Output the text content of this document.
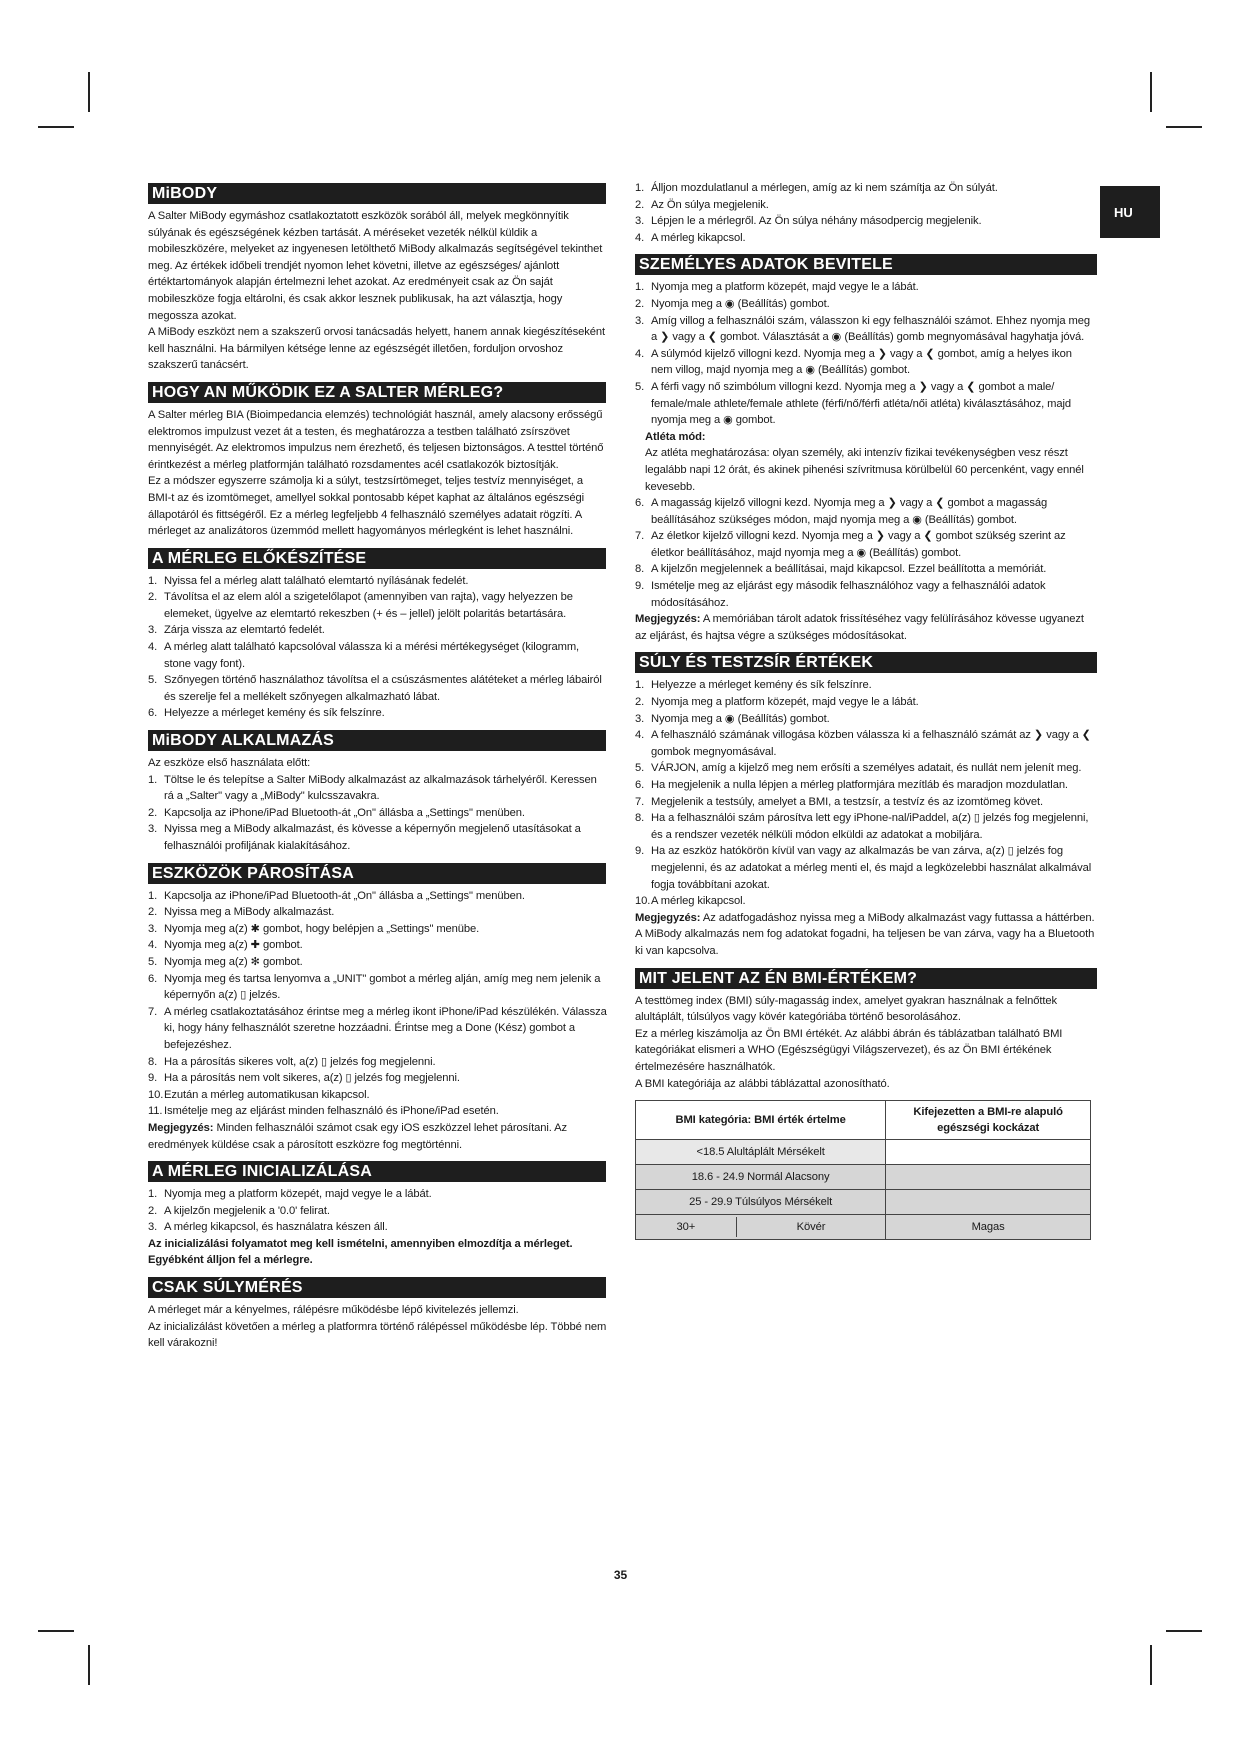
HU
MiBODY

A Salter MiBody egymáshoz csatlakoztatott eszközök sorából áll, melyek megkönnyítik súlyának és egészségének kézben tartását. A méréseket vezeték nélkül küldik a mobileszközére, melyeket az ingyenesen letölthető MiBody alkalmazás segítségével tekinthet meg. Az értékek időbeli trendjét nyomon lehet követni, illetve az egészséges/ ajánlott értéktartományok alapján értelmezni lehet azokat. Az eredményeit csak az Ön saját mobileszköze fogja eltárolni, és csak akkor lesznek publikusak, ha azt választja, hogy megossza azokat.

A MiBody eszközt nem a szakszerű orvosi tanácsadás helyett, hanem annak kiegészítéseként kell használni. Ha bármilyen kétsége lenne az egészségét illetően, forduljon orvoshoz szakszerű tanácsért.

HOGY AN MŰKÖDIK EZ A SALTER MÉRLEG?

A Salter mérleg BIA (Bioimpedancia elemzés) technológiát használ, amely alacsony erősségű elektromos impulzust vezet át a testen, és meghatározza a testben található zsírszövet mennyiségét. Az elektromos impulzus nem érezhető, és teljesen biztonságos. A testtel történő érintkezést a mérleg platformján található rozsdamentes acél csatlakozók biztosítják.

Ez a módszer egyszerre számolja ki a súlyt, testzsírtömeget, teljes testvíz mennyiséget, a BMI-t az és izomtömeget, amellyel sokkal pontosabb képet kaphat az általános egészségi állapotáról és fittségéről. Ez a mérleg legfeljebb 4 felhasználó személyes adatait rögzíti. A mérleget az analizátoros üzemmód mellett hagyományos mérlegként is lehet használni.

A MÉRLEG ELŐKÉSZÍTÉSE
1. Nyissa fel a mérleg alatt található elemtartó nyílásának fedelét.
2. Távolítsa el az elem alól a szigetelőlapot (amennyiben van rajta), vagy helyezzen be elemeket, ügyelve az elemtartó rekeszben (+ és – jellel) jelölt polaritás betartására.
3. Zárja vissza az elemtartó fedelét.
4. A mérleg alatt található kapcsolóval válassza ki a mérési mértékegységet (kilogramm, stone vagy font).
5. Szőnyegen történő használathoz távolítsa el a csúszásmentes alátéteket a mérleg lábairól és szerelje fel a mellékelt szőnyegen alkalmazható lábat.
6. Helyezze a mérleget kemény és sík felszínre.
MiBODY ALKALMAZÁS

Az eszköze első használata előtt:

1. Töltse le és telepítse a Salter MiBody alkalmazást az alkalmazások tárhelyéről. Keressen rá a „Salter" vagy a „MiBody" kulcsszavakra.
2. Kapcsolja az iPhone/iPad Bluetooth-át „On" állásba a „Settings" menüben.
3. Nyissa meg a MiBody alkalmazást, és kövesse a képernyőn megjelenő utasításokat a felhasználói profiljának kialakításához.
ESZKÖZÖK PÁROSÍTÁSA
1. Kapcsolja az iPhone/iPad Bluetooth-át „On" állásba a „Settings" menüben.
2. Nyissa meg a MiBody alkalmazást.
3. Nyomja meg a(z) ✱ gombot, hogy belépjen a „Settings" menübe.
4. Nyomja meg a(z) ✚ gombot.
5. Nyomja meg a(z) ✻ gombot.
6. Nyomja meg és tartsa lenyomva a „UNIT" gombot a mérleg alján, amíg meg nem jelenik a képernyőn a(z) ▯ jelzés.
7. A mérleg csatlakoztatásához érintse meg a mérleg ikont iPhone/iPad készülékén. Válassza ki, hogy hány felhasználót szeretne hozzáadni. Érintse meg a Done (Kész) gombot a befejezéshez.
8. Ha a párosítás sikeres volt, a(z) ▯ jelzés fog megjelenni.
9. Ha a párosítás nem volt sikeres, a(z) ▯ jelzés fog megjelenni.
10. Ezután a mérleg automatikusan kikapcsol.
11. Ismételje meg az eljárást minden felhasználó és iPhone/iPad esetén.

Megjegyzés: Minden felhasználói számot csak egy iOS eszközzel lehet párosítani. Az eredmények küldése csak a párosított eszközre fog megtörténni.

A MÉRLEG INICIALIZÁLÁSA
1. Nyomja meg a platform közepét, majd vegye le a lábát.
2. A kijelzőn megjelenik a '0.0' felirat.
3. A mérleg kikapcsol, és használatra készen áll.

Az inicializálási folyamatot meg kell ismételni, amennyiben elmozdítja a mérleget. Egyébként álljon fel a mérlegre.

CSAK SÚLYMÉRÉS

A mérleget már a kényelmes, rálépésre működésbe lépő kivitelezés jellemzi.

Az inicializálást követően a mérleg a platformra történő rálépéssel működésbe lép. Többé nem kell várakozni!

1. Álljon mozdulatlanul a mérlegen, amíg az ki nem számítja az Ön súlyát.
2. Az Ön súlya megjelenik.
3. Lépjen le a mérlegről. Az Ön súlya néhány másodpercig megjelenik.
4. A mérleg kikapcsol.
SZEMÉLYES ADATOK BEVITELE
1. Nyomja meg a platform közepét, majd vegye le a lábát.
2. Nyomja meg a ◉ (Beállítás) gombot.
3. Amíg villog a felhasználói szám, válasszon ki egy felhasználói számot. Ehhez nyomja meg a ❯ vagy a ❮ gombot. Választását a ◉ (Beállítás) gomb megnyomásával hagyhatja jóvá.
4. A súlymód kijelző villogni kezd. Nyomja meg a ❯ vagy a ❮ gombot, amíg a helyes ikon nem villog, majd nyomja meg a ◉ (Beállítás) gombot.
5. A férfi vagy nő szimbólum villogni kezd. Nyomja meg a ❯ vagy a ❮ gombot a male/ female/male athlete/female athlete (férfi/nő/férfi atléta/női atléta) kiválasztásához, majd nyomja meg a ◉ gombot.

Atléta mód:

Az atléta meghatározása: olyan személy, aki intenzív fizikai tevékenységben vesz részt legalább napi 12 órát, és akinek pihenési szívritmusa körülbelül 60 percenként, vagy ennél kevesebb.

6. A magasság kijelző villogni kezd. Nyomja meg a ❯ vagy a ❮ gombot a magasság beállításához szükséges módon, majd nyomja meg a ◉ (Beállítás) gombot.
7. Az életkor kijelző villogni kezd. Nyomja meg a ❯ vagy a ❮ gombot szükség szerint az életkor beállításához, majd nyomja meg a ◉ (Beállítás) gombot.
8. A kijelzőn megjelennek a beállításai, majd kikapcsol. Ezzel beállította a memóriát.
9. Ismételje meg az eljárást egy második felhasználóhoz vagy a felhasználói adatok módosításához.

Megjegyzés: A memóriában tárolt adatok frissítéséhez vagy felülírásához kövesse ugyanezt az eljárást, és hajtsa végre a szükséges módosításokat.

SÚLY ÉS TESTZSÍR ÉRTÉKEK
1. Helyezze a mérleget kemény és sík felszínre.
2. Nyomja meg a platform közepét, majd vegye le a lábát.
3. Nyomja meg a ◉ (Beállítás) gombot.
4. A felhasználó számának villogása közben válassza ki a felhasználó számát az ❯ vagy a ❮ gombok megnyomásával.
5. VÁRJON, amíg a kijelző meg nem erősíti a személyes adatait, és nullát nem jelenít meg.
6. Ha megjelenik a nulla lépjen a mérleg platformjára mezítláb és maradjon mozdulatlan.
7. Megjelenik a testsúly, amelyet a BMI, a testzsír, a testvíz és az izomtömeg követ.
8. Ha a felhasználói szám párosítva lett egy iPhone-nal/iPaddel, a(z) ▯ jelzés fog megjelenni, és a rendszer vezeték nélküli módon elküldi az adatokat a mobiljára.
9. Ha az eszköz hatókörön kívül van vagy az alkalmazás be van zárva, a(z) ▯ jelzés fog megjelenni, és az adatokat a mérleg menti el, és majd a legközelebbi használat alkalmával fogja továbbítani azokat.
10. A mérleg kikapcsol.

Megjegyzés: Az adatfogadáshoz nyissa meg a MiBody alkalmazást vagy futtassa a háttérben. A MiBody alkalmazás nem fog adatokat fogadni, ha teljesen be van zárva, vagy ha a Bluetooth ki van kapcsolva.

MIT JELENT AZ ÉN BMI-ÉRTÉKEM?

A testtömeg index (BMI) súly-magasság index, amelyet gyakran használnak a felnőttek alultáplált, túlsúlyos vagy kövér kategóriába történő besorolásához.

Ez a mérleg kiszámolja az Ön BMI értékét. Az alábbi ábrán és táblázatban található BMI kategóriákat elismeri a WHO (Egészségügyi Világszervezet), és az Ön BMI értékének értelmezésére használhatók.

A BMI kategóriája az alábbi táblázattal azonosítható.

BMI kategória: BMI érték értelme	Kifejezetten a BMI-re alapuló egészségi kockázat
<18.5 Alultáplált Mérsékelt	
18.6 - 24.9 Normál Alacsony	
25 - 29.9 Túlsúlyos Mérsékelt	

30+ Kövér	Magas
35
